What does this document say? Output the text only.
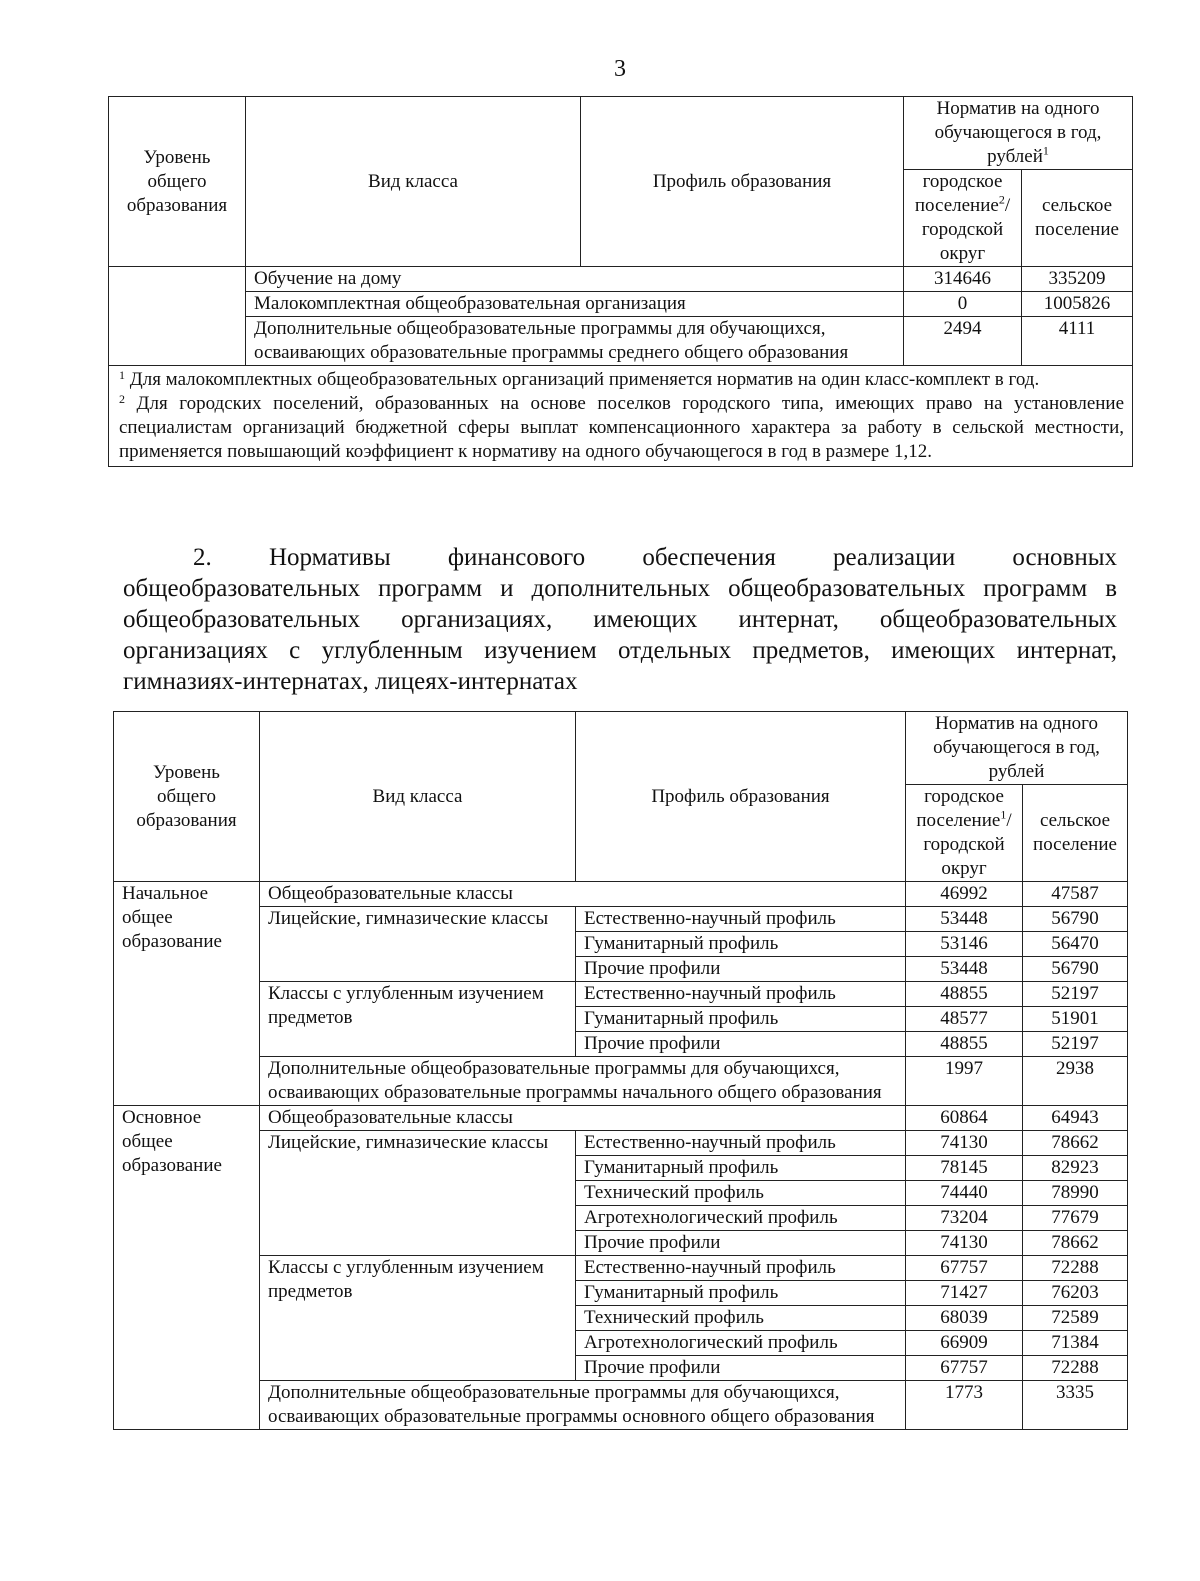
3
Уровень общего образования	Вид класса	Профиль образования	Норматив на одного обучающегося в год, рублей$^1$
			городское поселение$^2$/ городской округ	сельское поселение
	Обучение на дому		314646	335209
	Малокомплектная общеобразовательная организация		0	1005826
	Дополнительные общеобразовательные программы для обучающихся, осваивающих образовательные программы среднего общего образования		2494	4111

$^1$ Для малокомплектных общеобразовательных организаций применяется норматив на один класс-комплект в год.

$^2$ Для городских поселений, образованных на основе поселков городского типа, имеющих право на установление специалистам организаций бюджетной сферы выплат компенсационного характера за работу в сельской местности, применяется повышающий коэффициент к нормативу на одного обучающегося в год в размере 1,12.				

2. Нормативы финансового обеспечения реализации основных
общеобразовательных программ и дополнительных общеобразовательных программ в общеобразовательных организациях, имеющих интернат, общеобразовательных организациях с углубленным изучением отдельных предметов, имеющих интернат, гимназиях-интернатах, лицеях-интернатах
Уровень общего образования	Вид класса	Профиль образования	Норматив на одного обучающегося в год, рублей	
			городское поселение$^1$/ городской округ	сельское поселение
Начальное общее образование	Общеобразовательные классы		46992	47587
	Лицейские, гимназические классы	Естественно-научный профиль	53448	56790
		Гуманитарный профиль	53146	56470
		Прочие профили	53448	56790
	Классы с углубленным изучением предметов	Естественно-научный профиль	48855	52197
		Гуманитарный профиль	48577	51901
		Прочие профили	48855	52197
	Дополнительные общеобразовательные программы для обучающихся, осваивающих образовательные программы начального общего образования		1997	2938
Основное общее образование	Общеобразовательные классы		60864	64943
	Лицейские, гимназические классы	Естественно-научный профиль	74130	78662
		Гуманитарный профиль	78145	82923
		Технический профиль	74440	78990
		Агротехнологический профиль	73204	77679
		Прочие профили	74130	78662
	Классы с углубленным изучением предметов	Естественно-научный профиль	67757	72288
		Гуманитарный профиль	71427	76203
		Технический профиль	68039	72589
		Агротехнологический профиль	66909	71384
		Прочие профили	67757	72288
	Дополнительные общеобразовательные программы для обучающихся, осваивающих образовательные программы основного общего образования		1773	3335
